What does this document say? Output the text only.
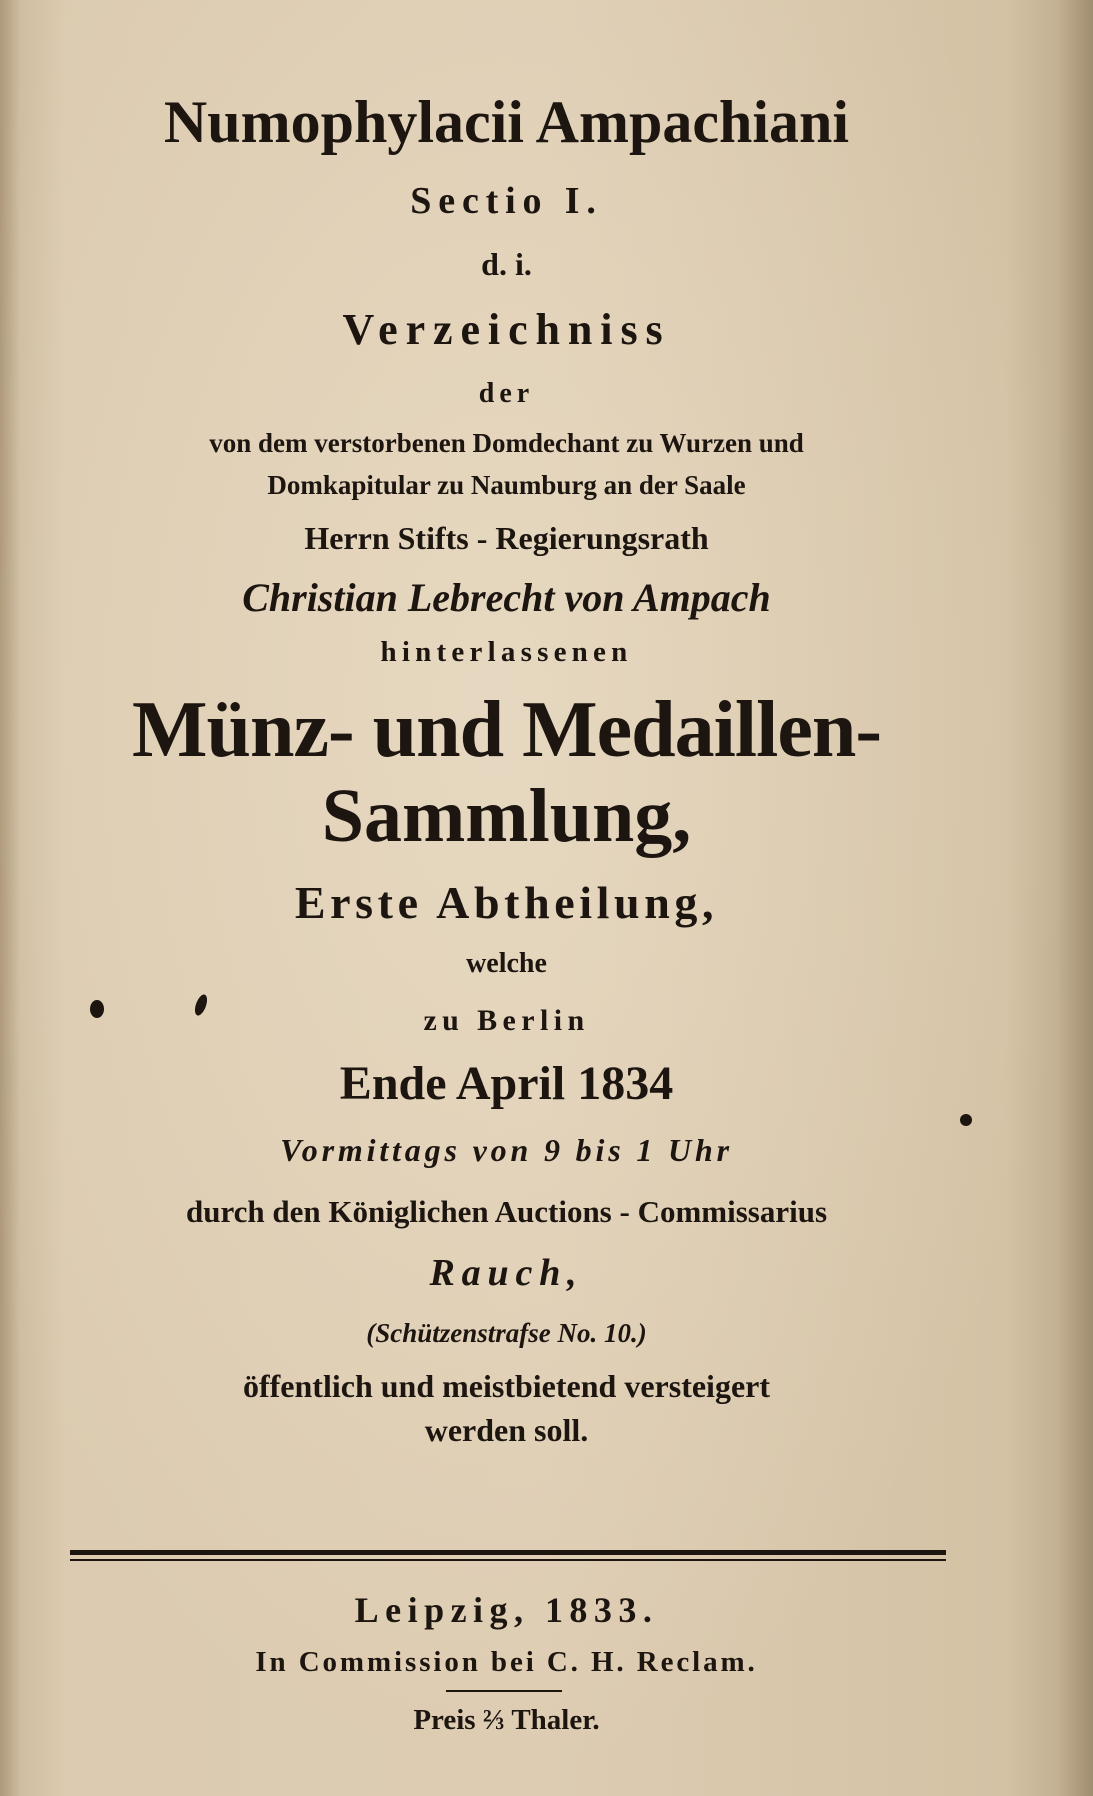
Numophylacii Ampachiani
Sectio I.
d. i.
Verzeichniss
der
von dem verstorbenen Domdechant zu Wurzen und
Domkapitular zu Naumburg an der Saale
Herrn Stifts - Regierungsrath
Christian Lebrecht von Ampach
hinterlassenen
Münz- und Medaillen-
Sammlung,
Erste Abtheilung,
welche
zu Berlin
Ende April 1834
Vormittags von 9 bis 1 Uhr
durch den Königlichen Auctions - Commissarius
Rauch,
(Schützenstrafse No. 10.)
öffentlich und meistbietend versteigert
werden soll.
Leipzig, 1833.
In Commission bei C. H. Reclam.
Preis ⅔ Thaler.
